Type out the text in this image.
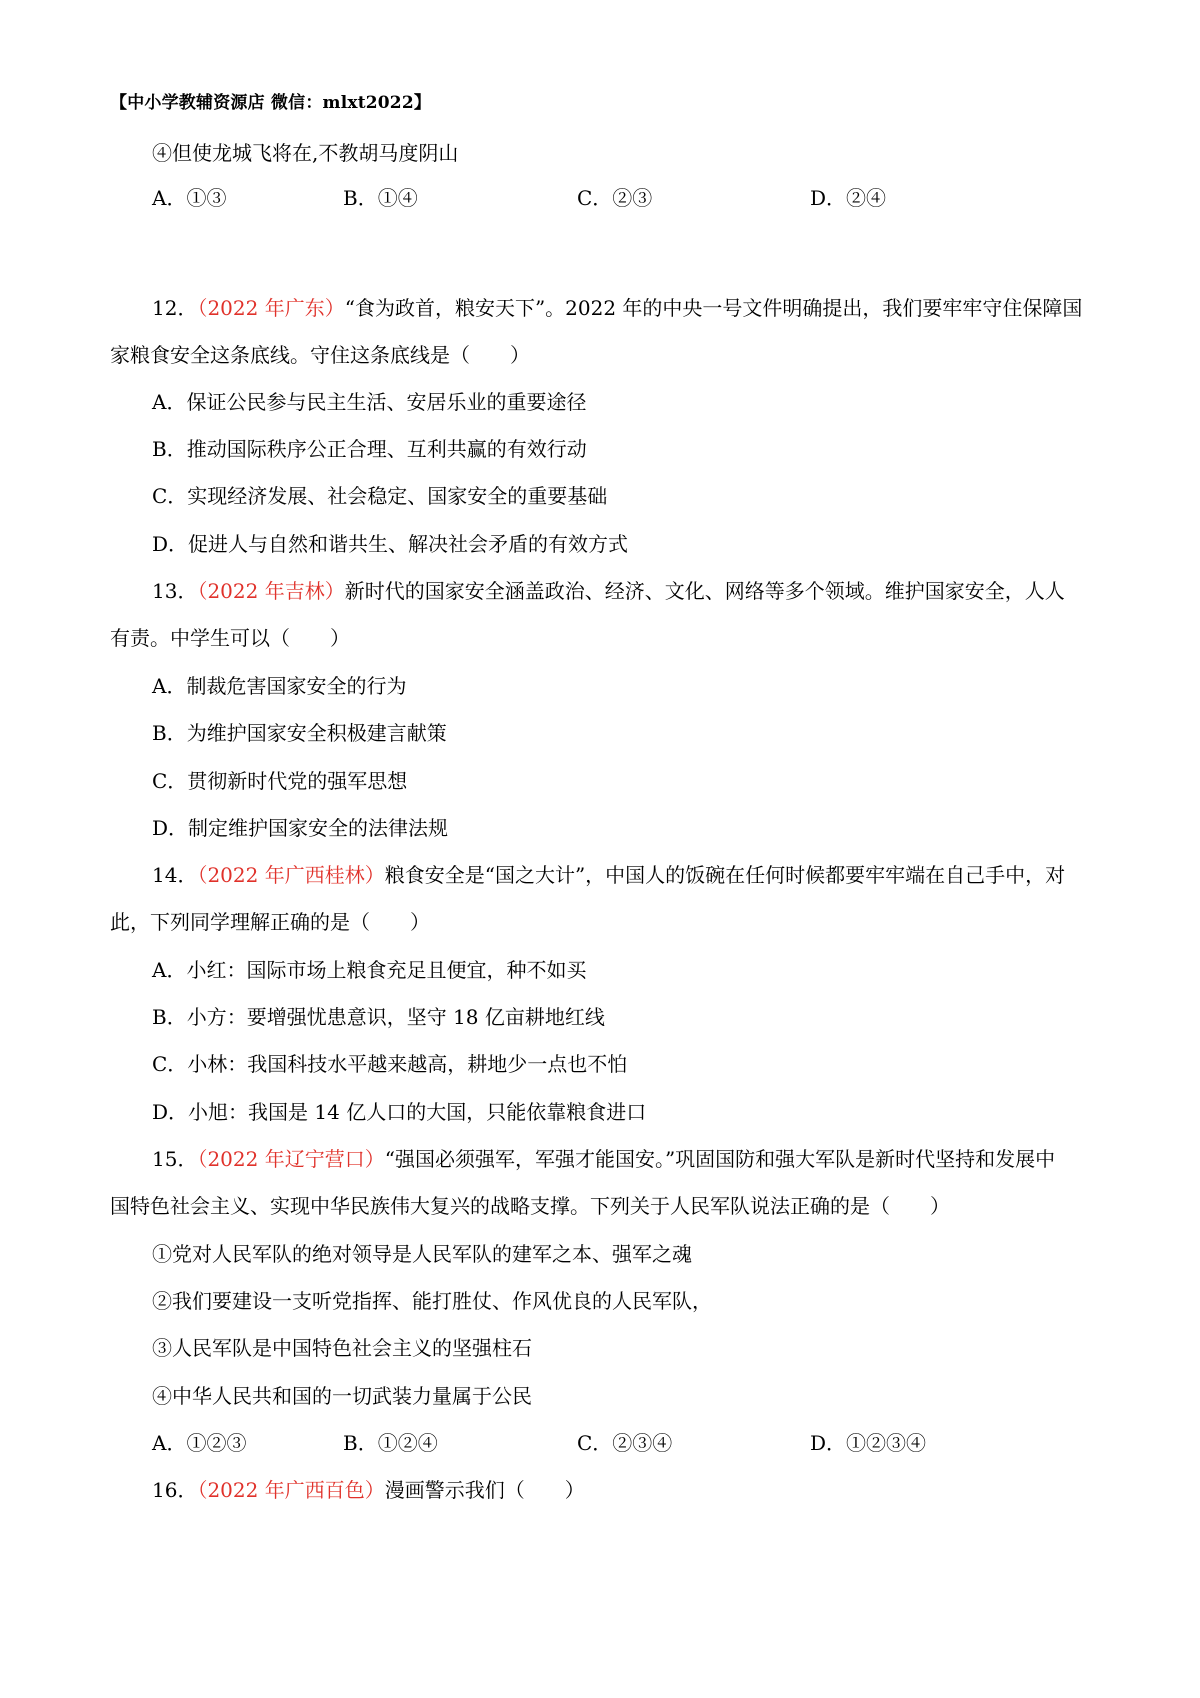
【中小学教辅资源店 微信：mlxt2022】
④但使龙城飞将在,不教胡马度阴山
A．①③	B．①④	C．②③	D．②④
12．（2022 年广东）“食为政首，粮安天下”。2022 年的中央一号文件明确提出，我们要牢牢守住保障国
家粮食安全这条底线。守住这条底线是（　　）
A．保证公民参与民主生活、安居乐业的重要途径
B．推动国际秩序公正合理、互利共赢的有效行动
C．实现经济发展、社会稳定、国家安全的重要基础
D．促进人与自然和谐共生、解决社会矛盾的有效方式
13．（2022 年吉林）新时代的国家安全涵盖政治、经济、文化、网络等多个领域。维护国家安全，人人
有责。中学生可以（　　）
A．制裁危害国家安全的行为
B．为维护国家安全积极建言献策
C．贯彻新时代党的强军思想
D．制定维护国家安全的法律法规
14．（2022 年广西桂林）粮食安全是“国之大计”，中国人的饭碗在任何时候都要牢牢端在自己手中，对
此，下列同学理解正确的是（　　）
A．小红：国际市场上粮食充足且便宜，种不如买
B．小方：要增强忧患意识，坚守 18 亿亩耕地红线
C．小林：我国科技水平越来越高，耕地少一点也不怕
D．小旭：我国是 14 亿人口的大国，只能依靠粮食进口
15．（2022 年辽宁营口）“强国必须强军，军强才能国安。”巩固国防和强大军队是新时代坚持和发展中
国特色社会主义、实现中华民族伟大复兴的战略支撑。下列关于人民军队说法正确的是（　　）
①党对人民军队的绝对领导是人民军队的建军之本、强军之魂
②我们要建设一支听党指挥、能打胜仗、作风优良的人民军队，
③人民军队是中国特色社会主义的坚强柱石
④中华人民共和国的一切武装力量属于公民
A．①②③	B．①②④	C．②③④	D．①②③④
16．（2022 年广西百色）漫画警示我们（　　）
